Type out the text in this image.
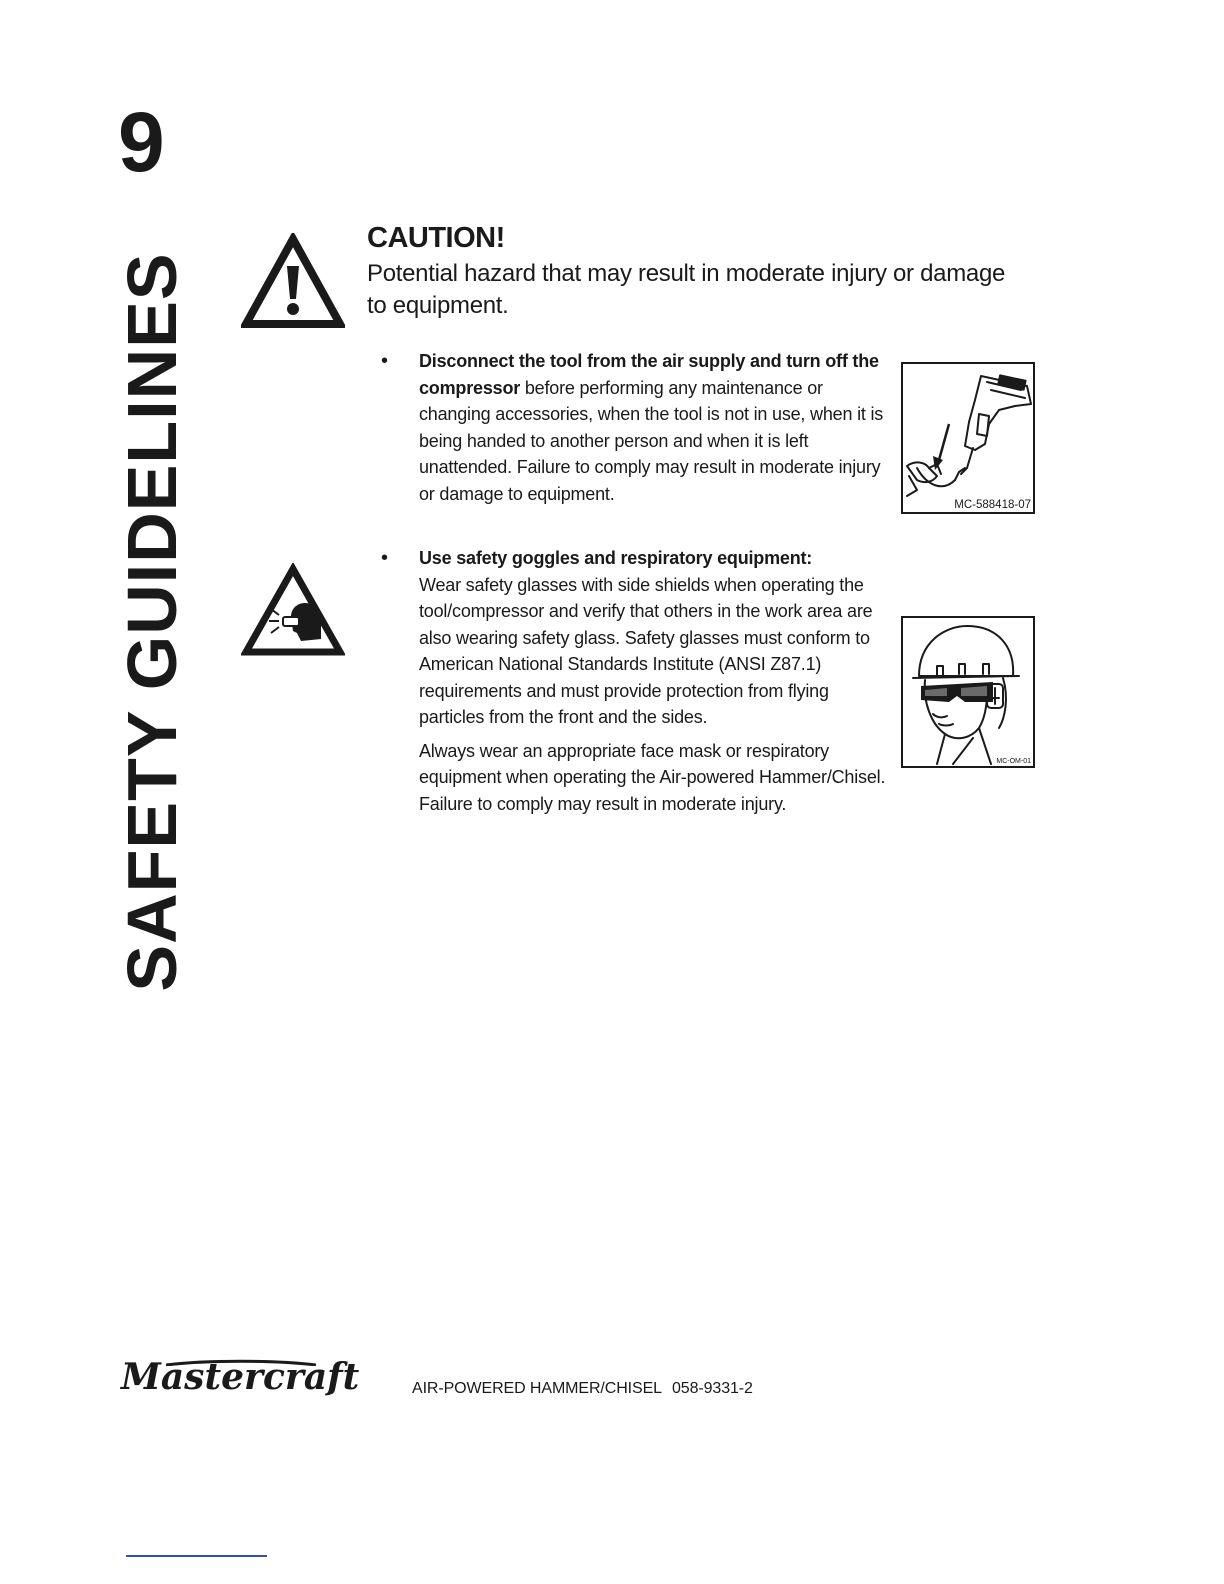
9
SAFETY GUIDELINES
CAUTION!
Potential hazard that may result in moderate injury or damage to equipment.
• Disconnect the tool from the air supply and turn off the compressor before performing any maintenance or changing accessories, when the tool is not in use, when it is being handed to another person and when it is left unattended. Failure to comply may result in moderate injury or damage to equipment.

MC-588418-07
• Use safety goggles and respiratory equipment:

Wear safety glasses with side shields when operating the tool/compressor and verify that others in the work area are also wearing safety glass. Safety glasses must conform to American National Standards Institute (ANSI Z87.1) requirements and must provide protection from flying particles from the front and the sides.

Always wear an appropriate face mask or respiratory equipment when operating the Air-powered Hammer/Chisel. Failure to comply may result in moderate injury.

MC-OM-01
Mastercraft	AIR-POWERED HAMMER/CHISEL 058-9331-2
